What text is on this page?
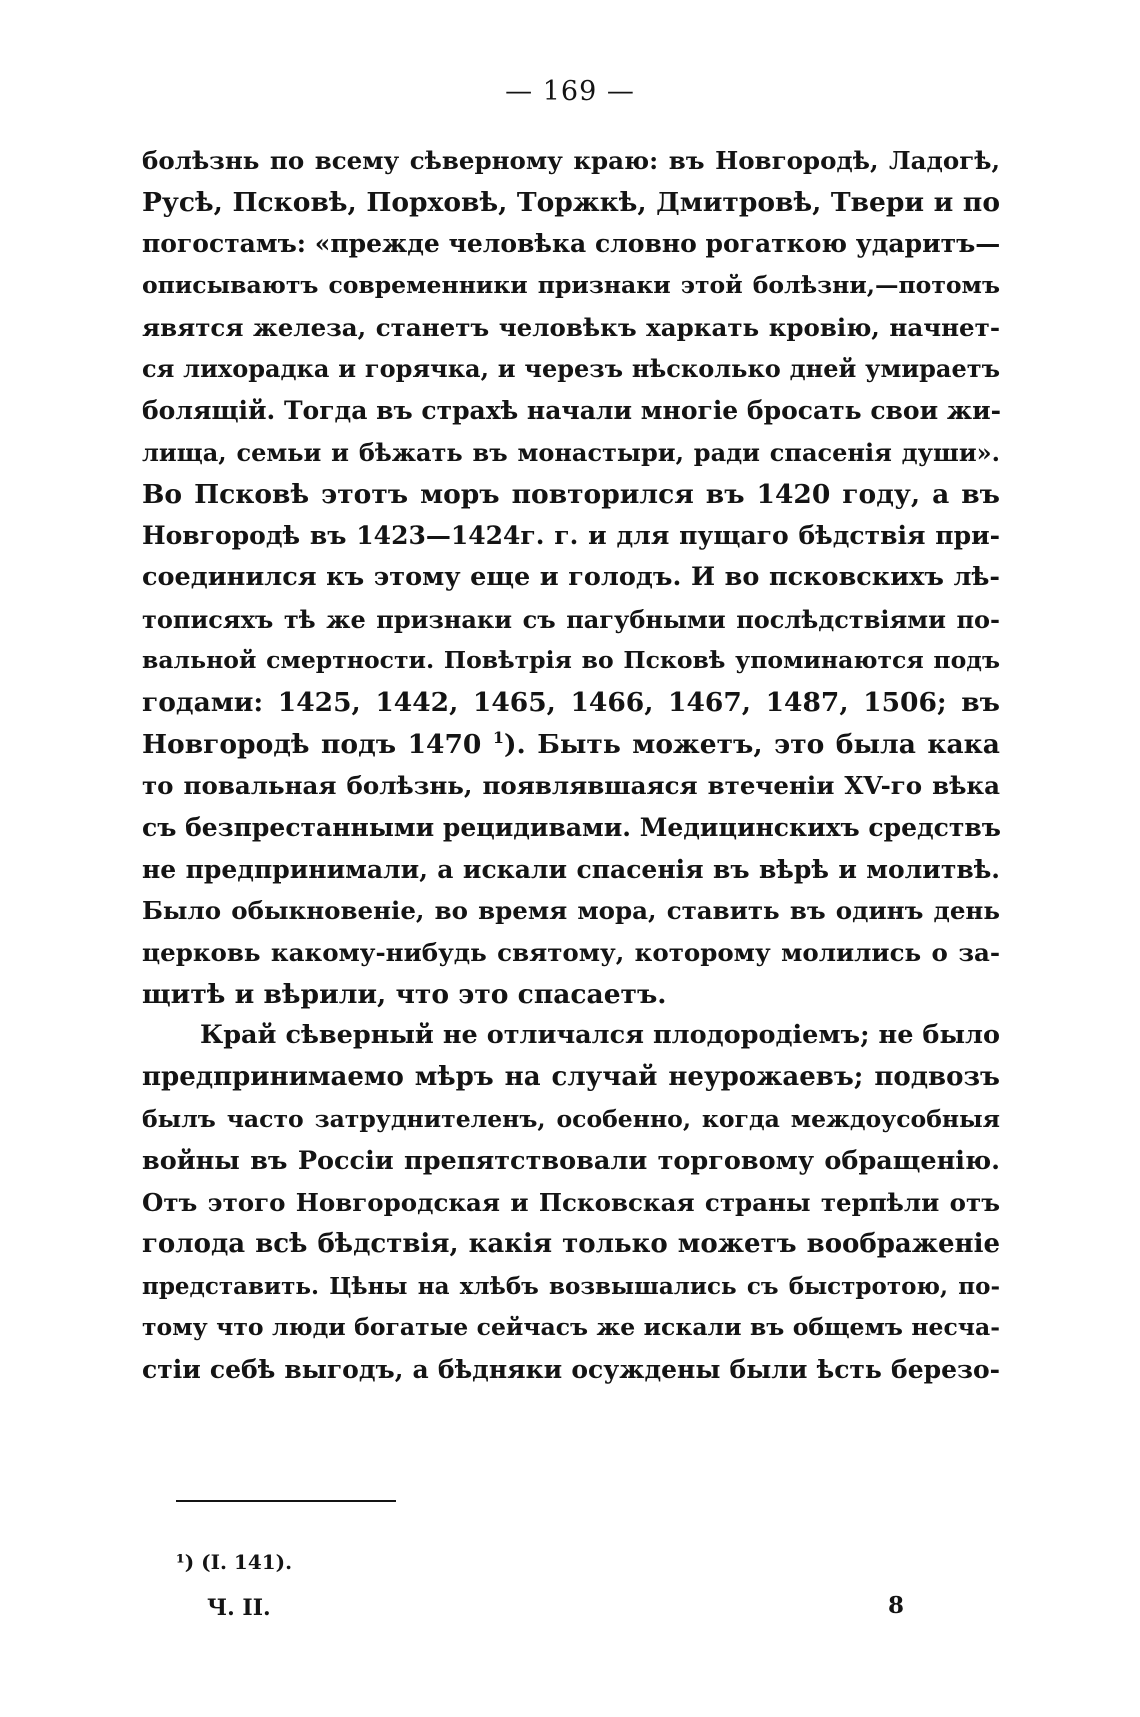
— 169 —
болѣзнь по всему сѣверному краю: въ Новгородѣ, Ладогѣ,
Русѣ, Псковѣ, Порховѣ, Торжкѣ, Дмитровѣ, Твери и по
погостамъ: «прежде человѣка словно рогаткою ударитъ—
описываютъ современники признаки этой болѣзни,—потомъ
явятся железа, станетъ человѣкъ харкать кровію, начнет-
ся лихорадка и горячка, и черезъ нѣсколько дней умираетъ
болящій. Тогда въ страхѣ начали многіе бросать свои жи-
лища, семьи и бѣжать въ монастыри, ради спасенія души».
Во Псковѣ этотъ моръ повторился въ 1420 году, а въ
Новгородѣ въ 1423—1424г. г. и для пущаго бѣдствія при-
соединился къ этому еще и голодъ. И во псковскихъ лѣ-
тописяхъ тѣ же признаки съ пагубными послѣдствіями по-
вальной смертности. Повѣтрія во Псковѣ упоминаются подъ
годами: 1425, 1442, 1465, 1466, 1467, 1487, 1506; въ
Новгородѣ подъ 1470 $^1$). Быть можетъ, это была кака
то повальная болѣзнь, появлявшаяся втеченіи XV-го вѣка
съ безпрестанными рецидивами. Медицинскихъ средствъ
не предпринимали, а искали спасенія въ вѣрѣ и молитвѣ.
Было обыкновеніе, во время мора, ставить въ одинъ день
церковь какому-нибудь святому, которому молились о за-
щитѣ и вѣрили, что это спасаетъ.
Край сѣверный не отличался плодородіемъ; не было
предпринимаемо мѣръ на случай неурожаевъ; подвозъ
былъ часто затруднителенъ, особенно, когда междоусобныя
войны въ Россіи препятствовали торговому обращенію.
Отъ этого Новгородская и Псковская страны терпѣли отъ
голода всѣ бѣдствія, какія только можетъ воображеніе
представить. Цѣны на хлѣбъ возвышались съ быстротою, по-
тому что люди богатые сейчасъ же искали въ общемъ несча-
стіи себѣ выгодъ, а бѣдняки осуждены были ѣсть березо-
¹) (I. 141).
Ч. II.	8
